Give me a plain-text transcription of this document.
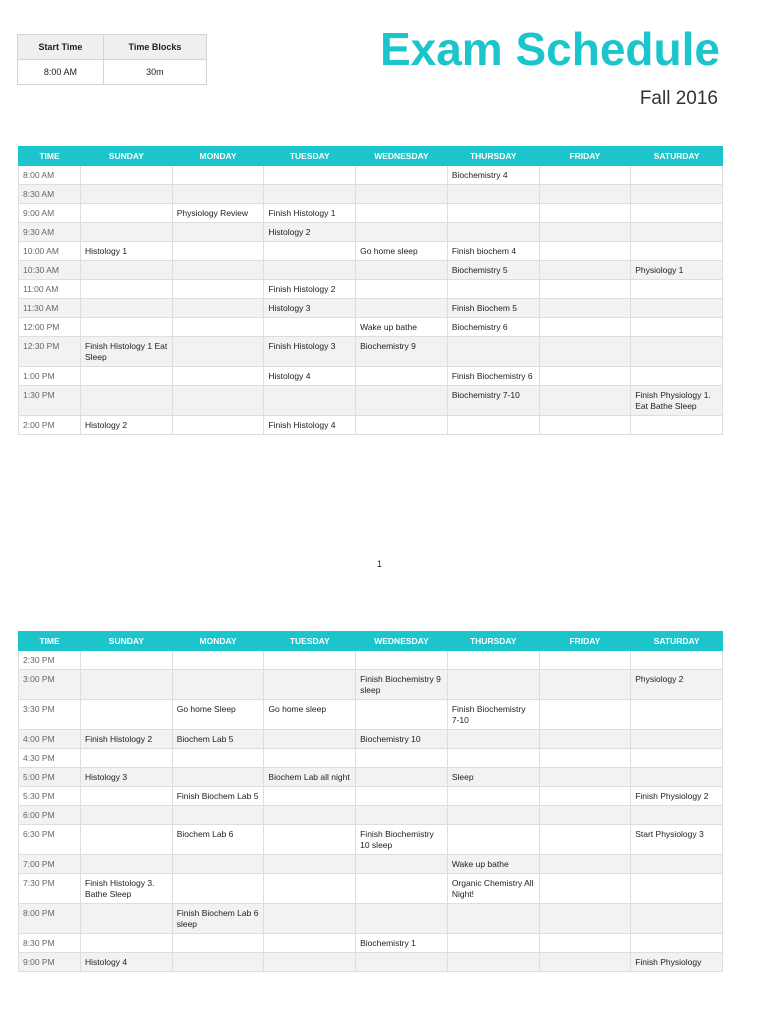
Start Time	Time Blocks
8:00 AM	30m	Exam Schedule
Fall 2016
TIME	SUNDAY	MONDAY	TUESDAY	WEDNESDAY	THURSDAY	FRIDAY	SATURDAY
8:00 AM					Biochemistry 4		
8:30 AM							
9:00 AM		Physiology Review	Finish Histology 1				
9:30 AM			Histology 2				
10:00 AM	Histology 1			Go home sleep	Finish biochem 4		
10:30 AM					Biochemistry 5		Physiology 1
11:00 AM			Finish Histology 2				
11:30 AM			Histology 3		Finish Biochem 5		
12:00 PM				Wake up bathe	Biochemistry 6		
12:30 PM	Finish Histology 1 Eat Sleep		Finish Histology 3	Biochemistry 9			
1:00 PM			Histology 4		Finish Biochemistry 6		
1:30 PM					Biochemistry 7-10		Finish Physiology 1. Eat Bathe Sleep
2:00 PM	Histology 2		Finish Histology 4				
1
TIME	SUNDAY	MONDAY	TUESDAY	WEDNESDAY	THURSDAY	FRIDAY	SATURDAY
2:30 PM							
3:00 PM				Finish Biochemistry 9 sleep			Physiology 2
3:30 PM		Go home Sleep	Go home sleep		Finish Biochemistry 7-10		
4:00 PM	Finish Histology 2	Biochem Lab 5		Biochemistry 10			
4:30 PM							
5:00 PM	Histology 3		Biochem Lab all night		Sleep		
5:30 PM		Finish Biochem Lab 5					Finish Physiology 2
6:00 PM							
6:30 PM		Biochem Lab 6		Finish Biochemistry 10 sleep			Start Physiology 3
7:00 PM					Wake up bathe		
7:30 PM	Finish Histology 3. Bathe Sleep				Organic Chemistry All Night!		
8:00 PM		Finish Biochem Lab 6 sleep					
8:30 PM				Biochemistry 1			
9:00 PM	Histology 4						Finish Physiology
